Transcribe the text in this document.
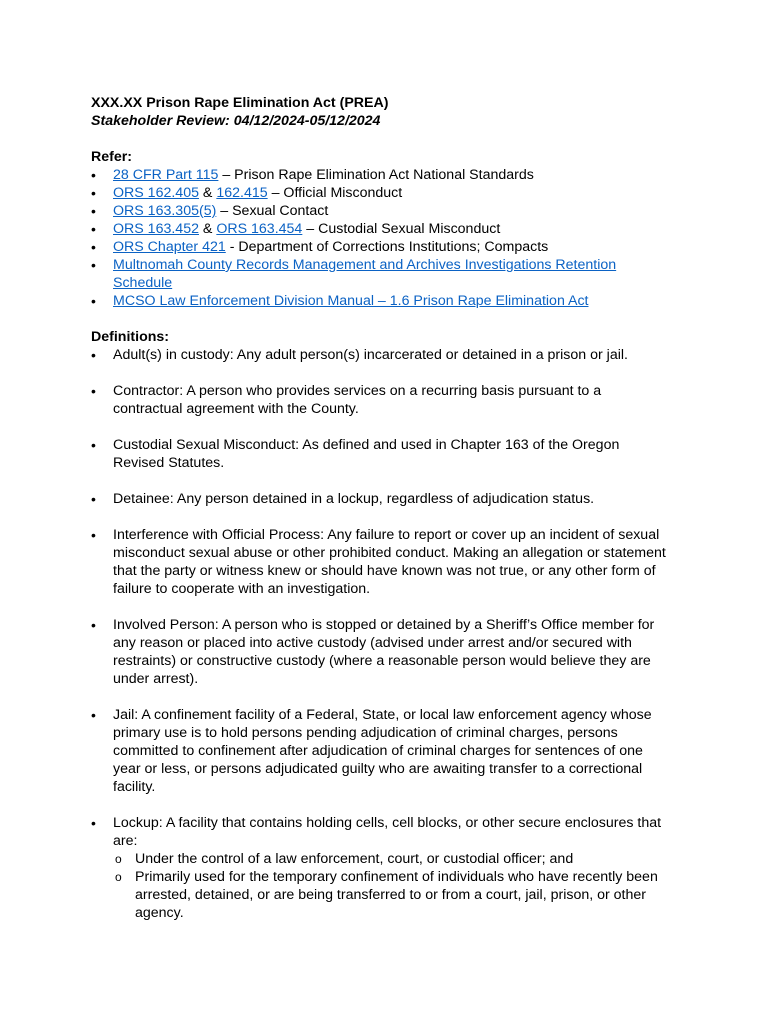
XXX.XX Prison Rape Elimination Act (PREA)
Stakeholder Review: 04/12/2024-05/12/2024
Refer:
• 28 CFR Part 115 – Prison Rape Elimination Act National Standards
• ORS 162.405 & 162.415 – Official Misconduct
• ORS 163.305(5) – Sexual Contact
• ORS 163.452 & ORS 163.454 – Custodial Sexual Misconduct
• ORS Chapter 421 - Department of Corrections Institutions; Compacts
• Multnomah County Records Management and Archives Investigations Retention Schedule
• MCSO Law Enforcement Division Manual – 1.6 Prison Rape Elimination Act
Definitions:
• Adult(s) in custody: Any adult person(s) incarcerated or detained in a prison or jail.
• Contractor: A person who provides services on a recurring basis pursuant to a contractual agreement with the County.
• Custodial Sexual Misconduct: As defined and used in Chapter 163 of the Oregon Revised Statutes.
• Detainee: Any person detained in a lockup, regardless of adjudication status.
• Interference with Official Process: Any failure to report or cover up an incident of sexual misconduct sexual abuse or other prohibited conduct. Making an allegation or statement that the party or witness knew or should have known was not true, or any other form of failure to cooperate with an investigation.
• Involved Person: A person who is stopped or detained by a Sheriff’s Office member for any reason or placed into active custody (advised under arrest and/or secured with restraints) or constructive custody (where a reasonable person would believe they are under arrest).
• Jail: A confinement facility of a Federal, State, or local law enforcement agency whose primary use is to hold persons pending adjudication of criminal charges, persons committed to confinement after adjudication of criminal charges for sentences of one year or less, or persons adjudicated guilty who are awaiting transfer to a correctional facility.
• Lockup: A facility that contains holding cells, cell blocks, or other secure enclosures that are:
o Under the control of a law enforcement, court, or custodial officer; and
o Primarily used for the temporary confinement of individuals who have recently been arrested, detained, or are being transferred to or from a court, jail, prison, or other agency.
